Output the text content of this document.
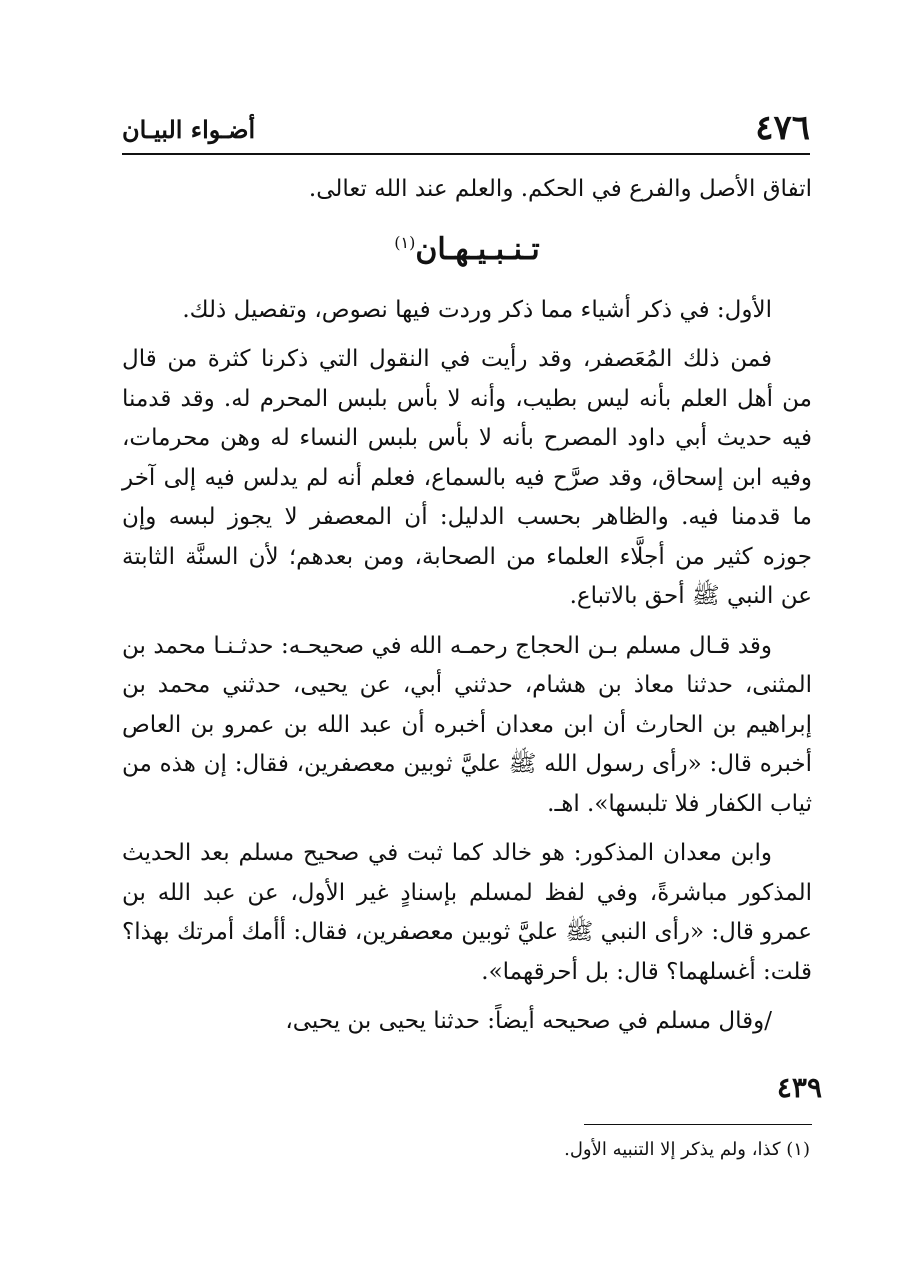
٤٧٦
أضـواء البيـان

اتفاق الأصل والفرع في الحكم. والعلم عند الله تعالى.

تـنـبـيـهـان$^{(١)}$

الأول: في ذكر أشياء مما ذكر وردت فيها نصوص، وتفصيل ذلك.

فمن ذلك المُعَصفر، وقد رأيت في النقول التي ذكرنا كثرة من قال من أهل العلم بأنه ليس بطيب، وأنه لا بأس بلبس المحرم له. وقد قدمنا فيه حديث أبي داود المصرح بأنه لا بأس بلبس النساء له وهن محرمات، وفيه ابن إسحاق، وقد صرَّح فيه بالسماع، فعلم أنه لم يدلس فيه إلى آخر ما قدمنا فيه. والظاهر بحسب الدليل: أن المعصفر لا يجوز لبسه وإن جوزه كثير من أجلَّاء العلماء من الصحابة، ومن بعدهم؛ لأن السنَّة الثابتة عن النبي ﷺ أحق بالاتباع.

وقد قـال مسلم بـن الحجاج رحمـه الله في صحيحـه: حدثـنـا محمد بن المثنى، حدثنا معاذ بن هشام، حدثني أبي، عن يحيى، حدثني محمد بن إبراهيم بن الحارث أن ابن معدان أخبره أن عبد الله بن عمرو بن العاص أخبره قال: «رأى رسول الله ﷺ عليَّ ثوبين معصفرين، فقال: إن هذه من ثياب الكفار فلا تلبسها». اهـ.

وابن معدان المذكور: هو خالد كما ثبت في صحيح مسلم بعد الحديث المذكور مباشرةً، وفي لفظ لمسلم بإسنادٍ غير الأول، عن عبد الله بن عمرو قال: «رأى النبي ﷺ عليَّ ثوبين معصفرين، فقال: أأمك أمرتك بهذا؟ قلت: أغسلهما؟ قال: بل أحرقهما».

/وقال مسلم في صحيحه أيضاً: حدثنا يحيى بن يحيى،

٤٣٩
(١) كذا، ولم يذكر إلا التنبيه الأول.
